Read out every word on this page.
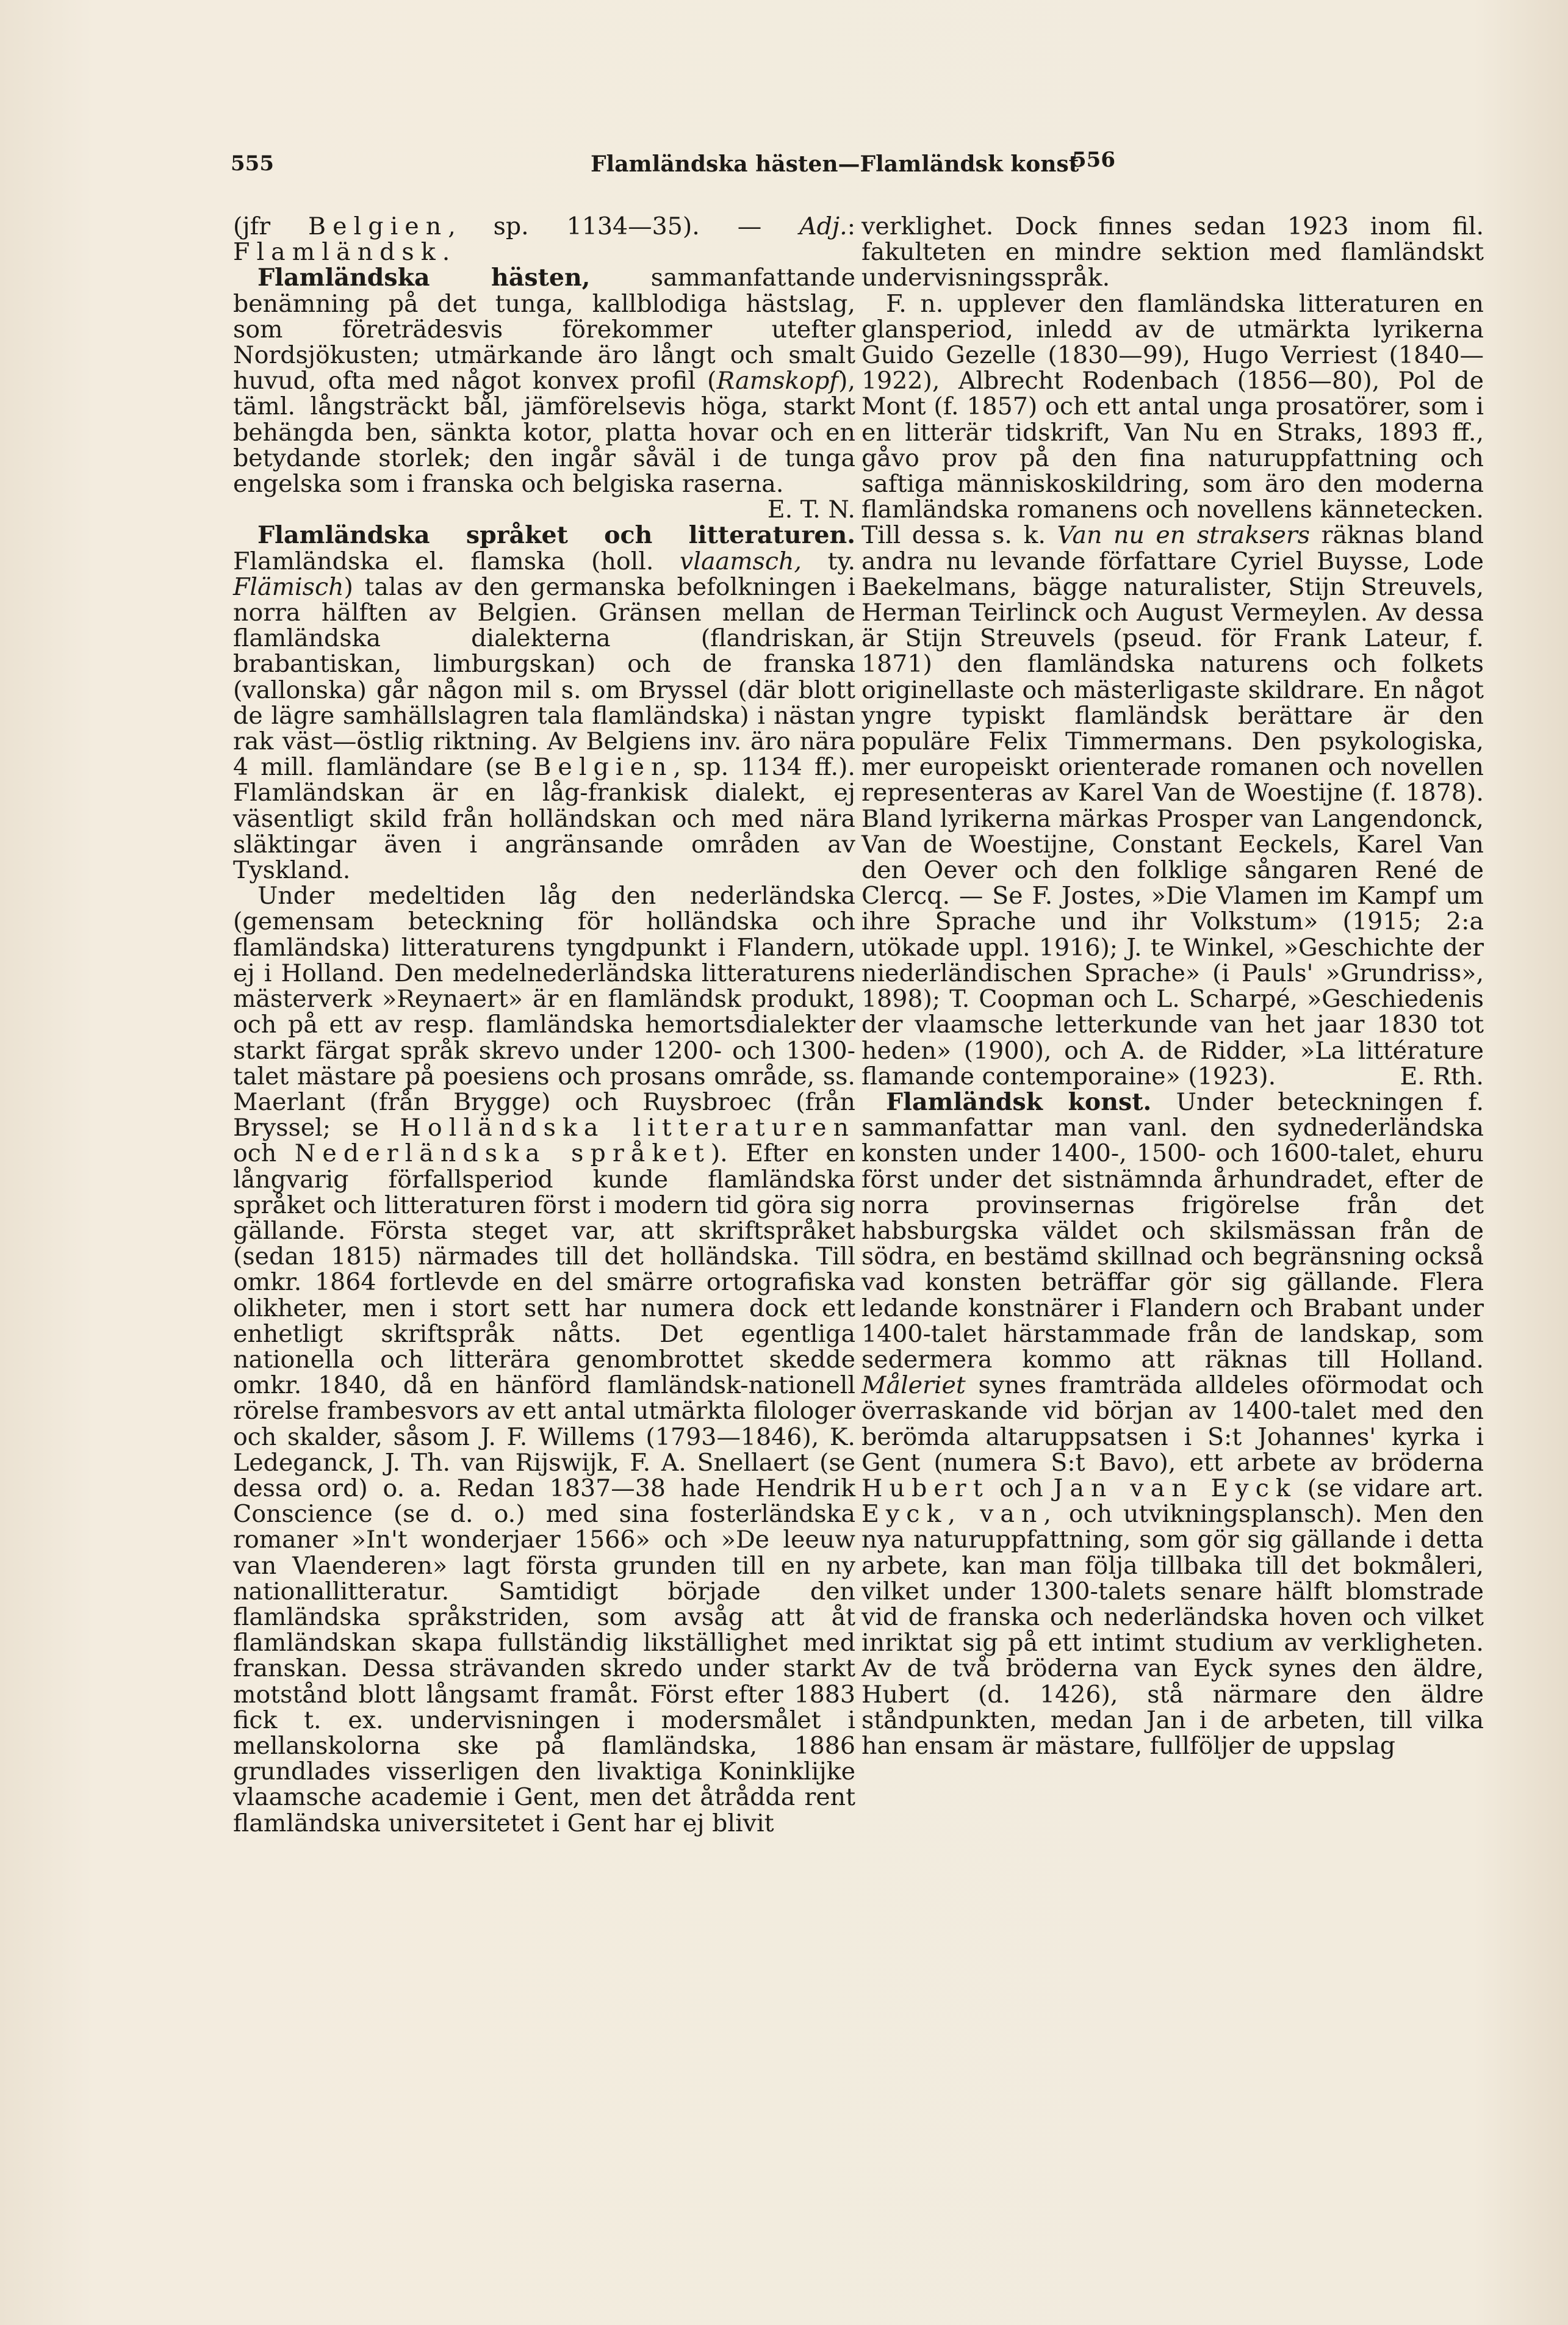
555	Flamländska hästen—Flamländsk konst
556

(jfr Belgien, sp. 1134—35). — Adj.: Flamländsk.

Flamländska hästen, sammanfattande benämning på det tunga, kallblodiga hästslag, som företrädesvis förekommer utefter Nordsjökusten; utmärkande äro långt och smalt huvud, ofta med något konvex profil (Ramskopf), täml. långsträckt bål, jämförelsevis höga, starkt behängda ben, sänkta kotor, platta hovar och en betydande storlek; den ingår såväl i de tunga engelska som i franska och belgiska raserna.
E. T. N.

Flamländska språket och litteraturen. Flamländska el. flamska (holl. vlaamsch, ty. Flämisch) talas av den germanska befolkningen i norra hälften av Belgien. Gränsen mellan de flamländska dialekterna (flandriskan, brabantiskan, limburgskan) och de franska (vallonska) går någon mil s. om Bryssel (där blott de lägre samhällslagren tala flamländska) i nästan rak väst—östlig riktning. Av Belgiens inv. äro nära 4 mill. flamländare (se Belgien, sp. 1134 ff.). Flamländskan är en låg-frankisk dialekt, ej väsentligt skild från holländskan och med nära släktingar även i angränsande områden av Tyskland.

Under medeltiden låg den nederländska (gemensam beteckning för holländska och flamländska) litteraturens tyngdpunkt i Flandern, ej i Holland. Den medelnederländska litteraturens mästerverk »Reynaert» är en flamländsk produkt, och på ett av resp. flamländska hemortsdialekter starkt färgat språk skrevo under 1200- och 1300-talet mästare på poesiens och prosans område, ss. Maerlant (från Brygge) och Ruysbroec (från Bryssel; se Holländska litteraturen och Nederländska språket). Efter en långvarig förfallsperiod kunde flamländska språket och litteraturen först i modern tid göra sig gällande. Första steget var, att skriftspråket (sedan 1815) närmades till det holländska. Till omkr. 1864 fortlevde en del smärre ortografiska olikheter, men i stort sett har numera dock ett enhetligt skriftspråk nåtts. Det egentliga nationella och litterära genombrottet skedde omkr. 1840, då en hänförd flamländsk-nationell rörelse frambesvors av ett antal utmärkta filologer och skalder, såsom J. F. Willems (1793—1846), K. Ledeganck, J. Th. van Rijswijk, F. A. Snellaert (se dessa ord) o. a. Redan 1837—38 hade Hendrik Conscience (se d. o.) med sina fosterländska romaner »In't wonderjaer 1566» och »De leeuw van Vlaenderen» lagt första grunden till en ny nationallitteratur. Samtidigt började den flamländska språkstriden, som avsåg att åt flamländskan skapa fullständig likställighet med franskan. Dessa strävanden skredo under starkt motstånd blott långsamt framåt. Först efter 1883 fick t. ex. undervisningen i modersmålet i mellanskolorna ske på flamländska, 1886 grundlades visserligen den livaktiga Koninklijke vlaamsche academie i Gent, men det åtrådda rent flamländska universitetet i Gent har ej blivit

verklighet. Dock finnes sedan 1923 inom fil. fakulteten en mindre sektion med flamländskt undervisningsspråk.

F. n. upplever den flamländska litteraturen en glansperiod, inledd av de utmärkta lyrikerna Guido Gezelle (1830—99), Hugo Verriest (1840—1922), Albrecht Rodenbach (1856—80), Pol de Mont (f. 1857) och ett antal unga prosatörer, som i en litterär tidskrift, Van Nu en Straks, 1893 ff., gåvo prov på den fina naturuppfattning och saftiga människoskildring, som äro den moderna flamländska romanens och novellens kännetecken. Till dessa s. k. Van nu en straksers räknas bland andra nu levande författare Cyriel Buysse, Lode Baekelmans, bägge naturalister, Stijn Streuvels, Herman Teirlinck och August Vermeylen. Av dessa är Stijn Streuvels (pseud. för Frank Lateur, f. 1871) den flamländska naturens och folkets originellaste och mästerligaste skildrare. En något yngre typiskt flamländsk berättare är den populäre Felix Timmermans. Den psykologiska, mer europeiskt orienterade romanen och novellen representeras av Karel Van de Woestijne (f. 1878). Bland lyrikerna märkas Prosper van Langendonck, Van de Woestijne, Constant Eeckels, Karel Van den Oever och den folklige sångaren René de Clercq. — Se F. Jostes, »Die Vlamen im Kampf um ihre Sprache und ihr Volkstum» (1915; 2:a utökade uppl. 1916); J. te Winkel, »Geschichte der niederländischen Sprache» (i Pauls' »Grundriss», 1898); T. Coopman och L. Scharpé, »Geschiedenis der vlaamsche letterkunde van het jaar 1830 tot heden» (1900), och A. de Ridder, »La littérature flamande contemporaine» (1923).	E. Rth.

Flamländsk konst. Under beteckningen f. sammanfattar man vanl. den sydnederländska konsten under 1400-, 1500- och 1600-talet, ehuru först under det sistnämnda århundradet, efter de norra provinsernas frigörelse från det habsburgska väldet och skilsmässan från de södra, en bestämd skillnad och begränsning också vad konsten beträffar gör sig gällande. Flera ledande konstnärer i Flandern och Brabant under 1400-talet härstammade från de landskap, som sedermera kommo att räknas till Holland. Måleriet synes framträda alldeles oförmodat och överraskande vid början av 1400-talet med den berömda altaruppsatsen i S:t Johannes' kyrka i Gent (numera S:t Bavo), ett arbete av bröderna Hubert och Jan van Eyck (se vidare art. Eyck, van, och utvikningsplansch). Men den nya naturuppfattning, som gör sig gällande i detta arbete, kan man följa tillbaka till det bokmåleri, vilket under 1300-talets senare hälft blomstrade vid de franska och nederländska hoven och vilket inriktat sig på ett intimt studium av verkligheten. Av de två bröderna van Eyck synes den äldre, Hubert (d. 1426), stå närmare den äldre ståndpunkten, medan Jan i de arbeten, till vilka han ensam är mästare, fullföljer de uppslag
